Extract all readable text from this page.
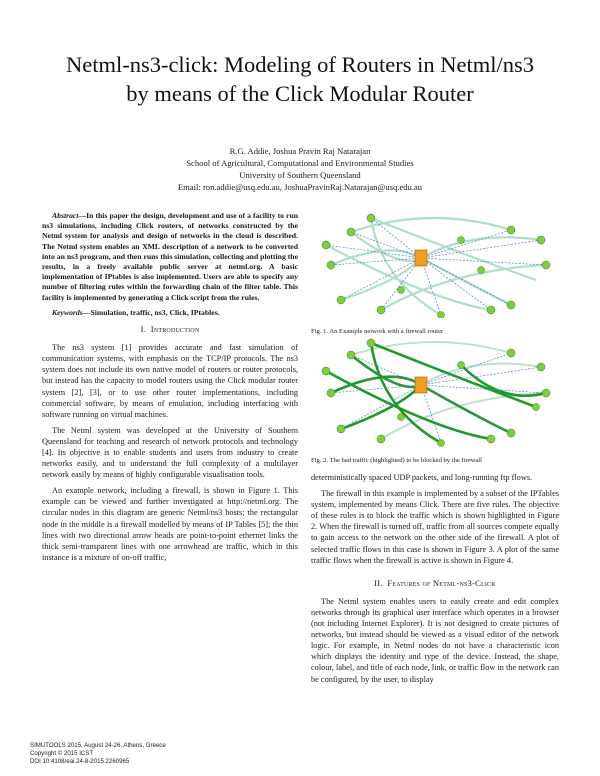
Netml-ns3-click: Modeling of Routers in Netml/ns3
by means of the Click Modular Router
R.G. Addie, Joshua Pravin Raj Natarajan
School of Agricultural, Computational and Environmental Studies
University of Southern Queensland
Email: ron.addie@usq.edu.au, JoshuaPravinRaj.Natarajan@usq.edu.au

Abstract—In this paper the design, development and use of a facility to run ns3 simulations, including Click routers, of networks constructed by the Netml system for analysis and design of networks in the cloud is described. The Netml system enables an XML description of a network to be converted into an ns3 program, and then runs this simulation, collecting and plotting the results, in a freely available public server at netml.org. A basic implementation of IPtables is also implemented. Users are able to specify any number of filtering rules within the forwarding chain of the filter table. This facility is implemented by generating a Click script from the rules.

Keywords—Simulation, traffic, ns3, Click, IPtables.

I. Introduction

The ns3 system [1] provides accurate and fast simulation of communication systems, with emphasis on the TCP/IP protocols. The ns3 system does not include its own native model of routers or router protocols, but instead has the capacity to model routers using the Click modular router system [2], [3], or to use other router implementations, including commercial software, by means of emulation, including interfacing with software running on virtual machines.

The Netml system was developed at the University of Southern Queensland for teaching and research of network protocols and technology [4]. Its objective is to enable students and users from industry to create networks easily, and to understand the full complexity of a multilayer network easily by means of highly configurable visualisation tools.

An example network, including a firewall, is shown in Figure 1. This example can be viewed and further investigated at http://netml.org. The circular nodes in this diagram are generic Netml/ns3 hosts; the rectangular node in the middle is a firewall modelled by means of IP Tables [5]; the thin lines with two directional arrow heads are point-to-point ethernet links the thick semi-transparent lines with one arrowhead are traffic, which in this instance is a mixture of on-off traffic,

Fig. 1. An Example network with a firewall router
Fig. 2. The bad traffic (highlighted) to be blocked by the firewall

deterministically spaced UDP packets, and long-running ftp flows.

The firewall in this example is implemented by a subset of the IPTables system, implemented by means Click. There are five rules. The objective of these rules is to block the traffic which is shown highlighted in Figure 2. When the firewall is turned off, traffic from all sources compete equally to gain access to the network on the other side of the firewall. A plot of selected traffic flows in this case is shown in Figure 3. A plot of the same traffic flows when the firewall is active is shown in Figure 4.

II. Features of Netml-ns3-Click

The Netml system enables users to easily create and edit complex networks through its graphical user interface which operates in a browser (not including Internet Explorer). It is not designed to create pictures of networks, but instead should be viewed as a visual editor of the network logic. For example, in Netml nodes do not have a characteristic icon which displays the identity and type of the device. Instead, the shape, colour, label, and title of each node, link, or traffic flow in the network can be configured, by the user, to display

SIMUTOOLS 2015, August 24-26, Athens, Greece
Copyright © 2015 ICST
DOI 10.4108/eai.24-8-2015.2260965
